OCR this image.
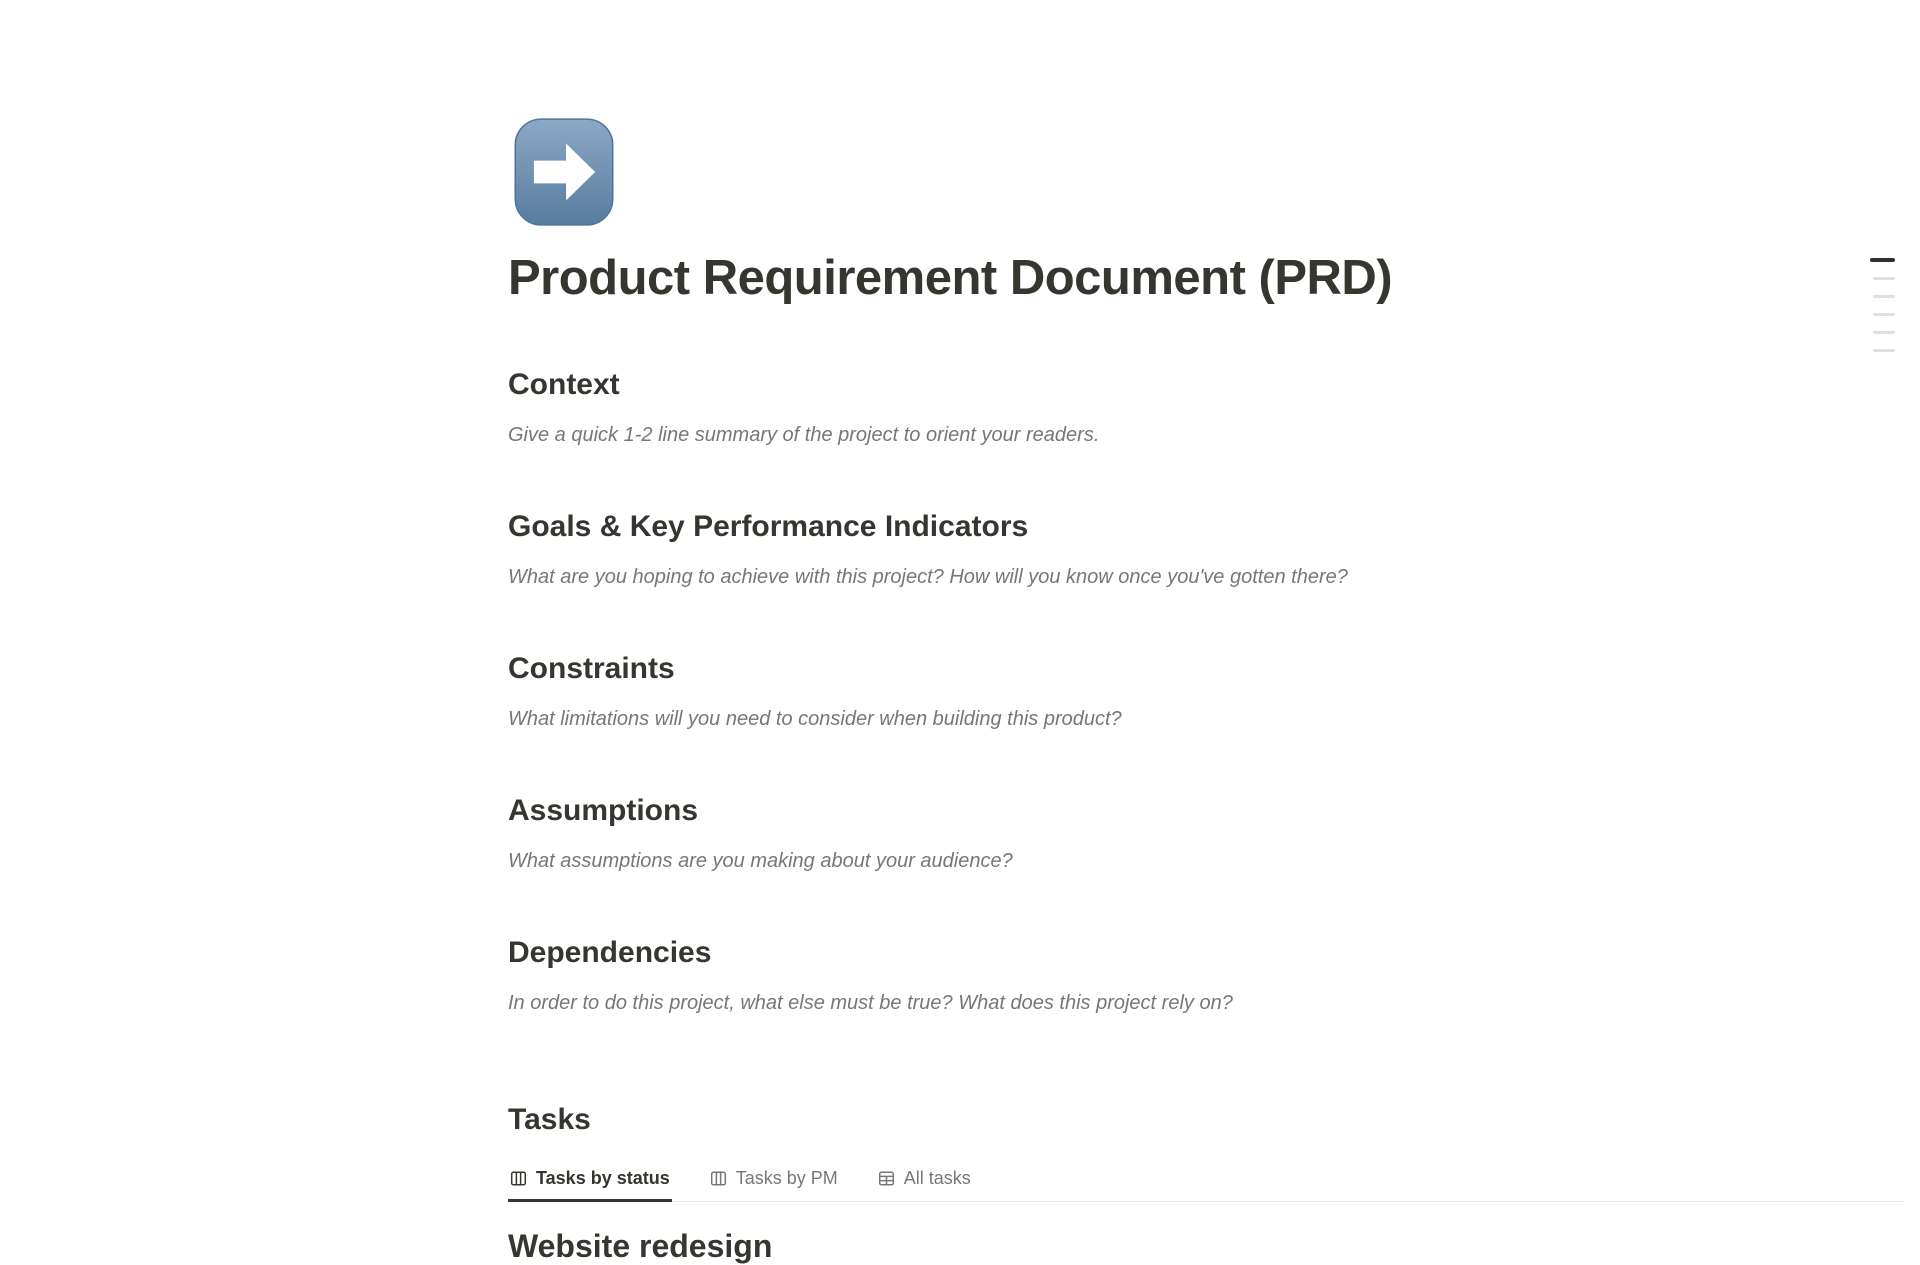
Product Requirement Document (PRD)
Context
Give a quick 1-2 line summary of the project to orient your readers.
Goals & Key Performance Indicators
What are you hoping to achieve with this project? How will you know once you've gotten there?
Constraints
What limitations will you need to consider when building this product?
Assumptions
What assumptions are you making about your audience?
Dependencies
In order to do this project, what else must be true? What does this project rely on?
Tasks
Tasks by status	Tasks by PM	All tasks
Website redesign
